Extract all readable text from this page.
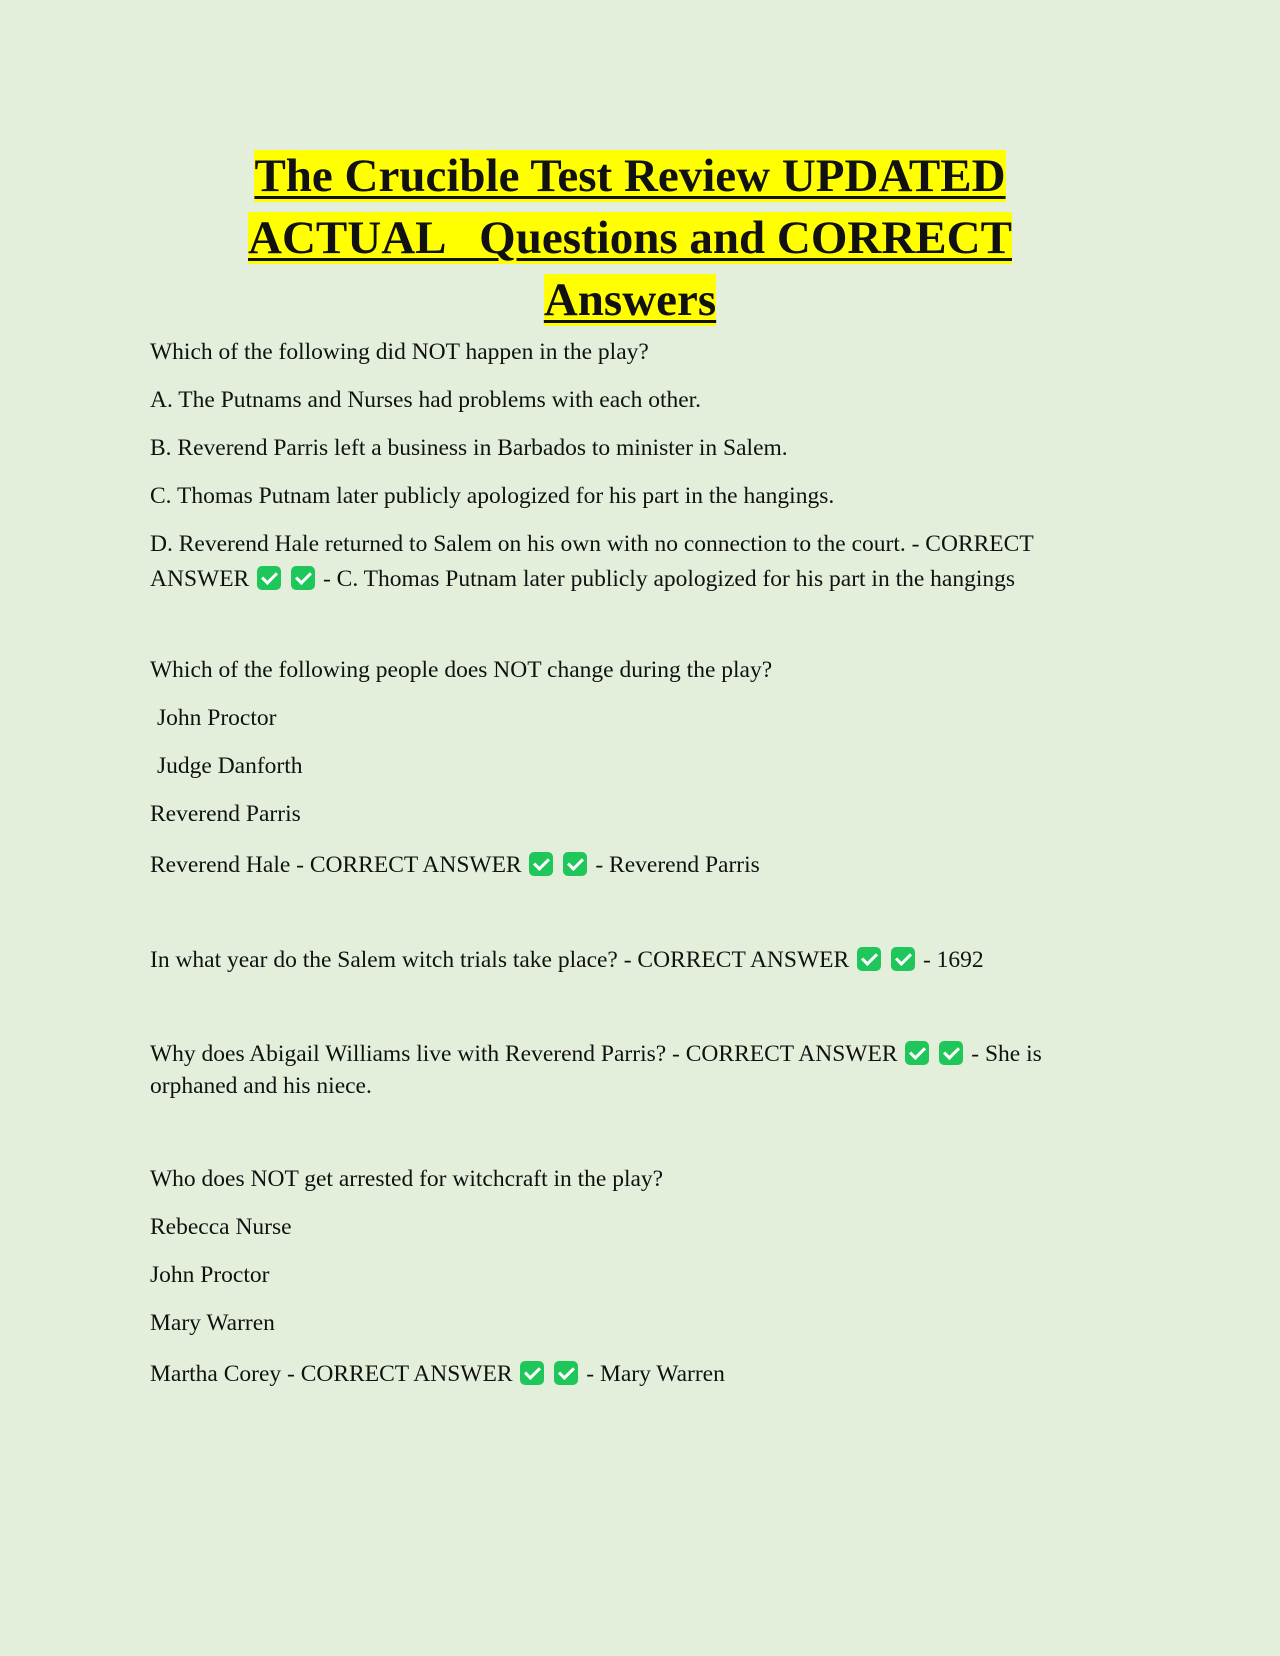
The Crucible Test Review UPDATED
ACTUAL   Questions and CORRECT
Answers

Which of the following did NOT happen in the play?

A. The Putnams and Nurses had problems with each other.

B. Reverend Parris left a business in Barbados to minister in Salem.

C. Thomas Putnam later publicly apologized for his part in the hangings.

D. Reverend Hale returned to Salem on his own with no connection to the court. - CORRECT ANSWER	- C. Thomas Putnam later publicly apologized for his part in the hangings

Which of the following people does NOT change during the play?

John Proctor

Judge Danforth

Reverend Parris

Reverend Hale - CORRECT ANSWER	- Reverend Parris

In what year do the Salem witch trials take place? - CORRECT ANSWER	- 1692

Why does Abigail Williams live with Reverend Parris? - CORRECT ANSWER	- She is orphaned and his niece.

Who does NOT get arrested for witchcraft in the play?

Rebecca Nurse

John Proctor

Mary Warren

Martha Corey - CORRECT ANSWER	- Mary Warren
